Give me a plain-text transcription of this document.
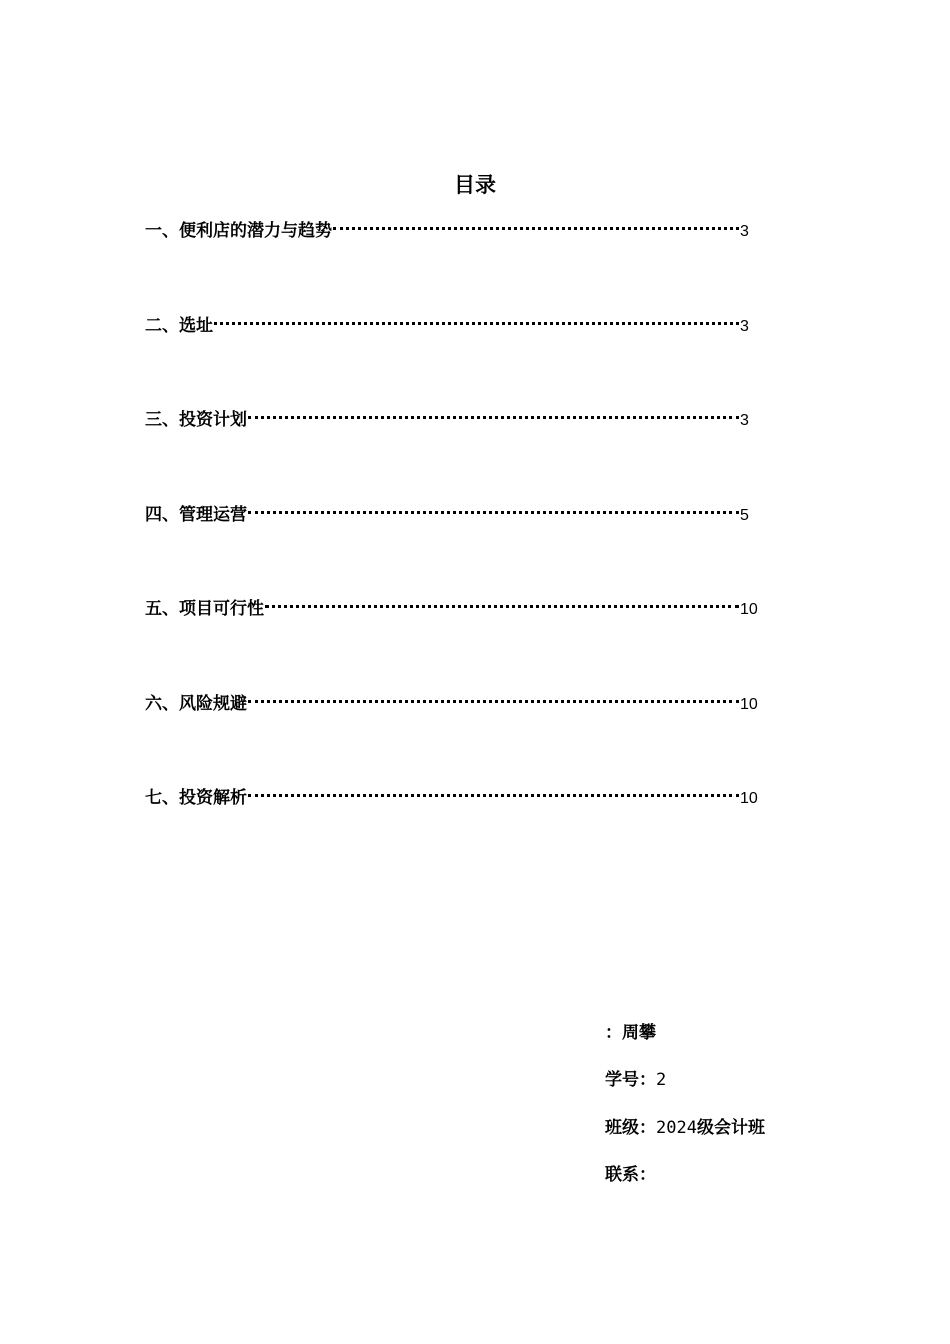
目录
一、便利店的潜力与趋势	3
二、选址	3
三、投资计划	3
四、管理运营	5
五、项目可行性	10
六、风险规避	10
七、投资解析	10
：周攀
学号：2
班级：2024级会计班
联系：
